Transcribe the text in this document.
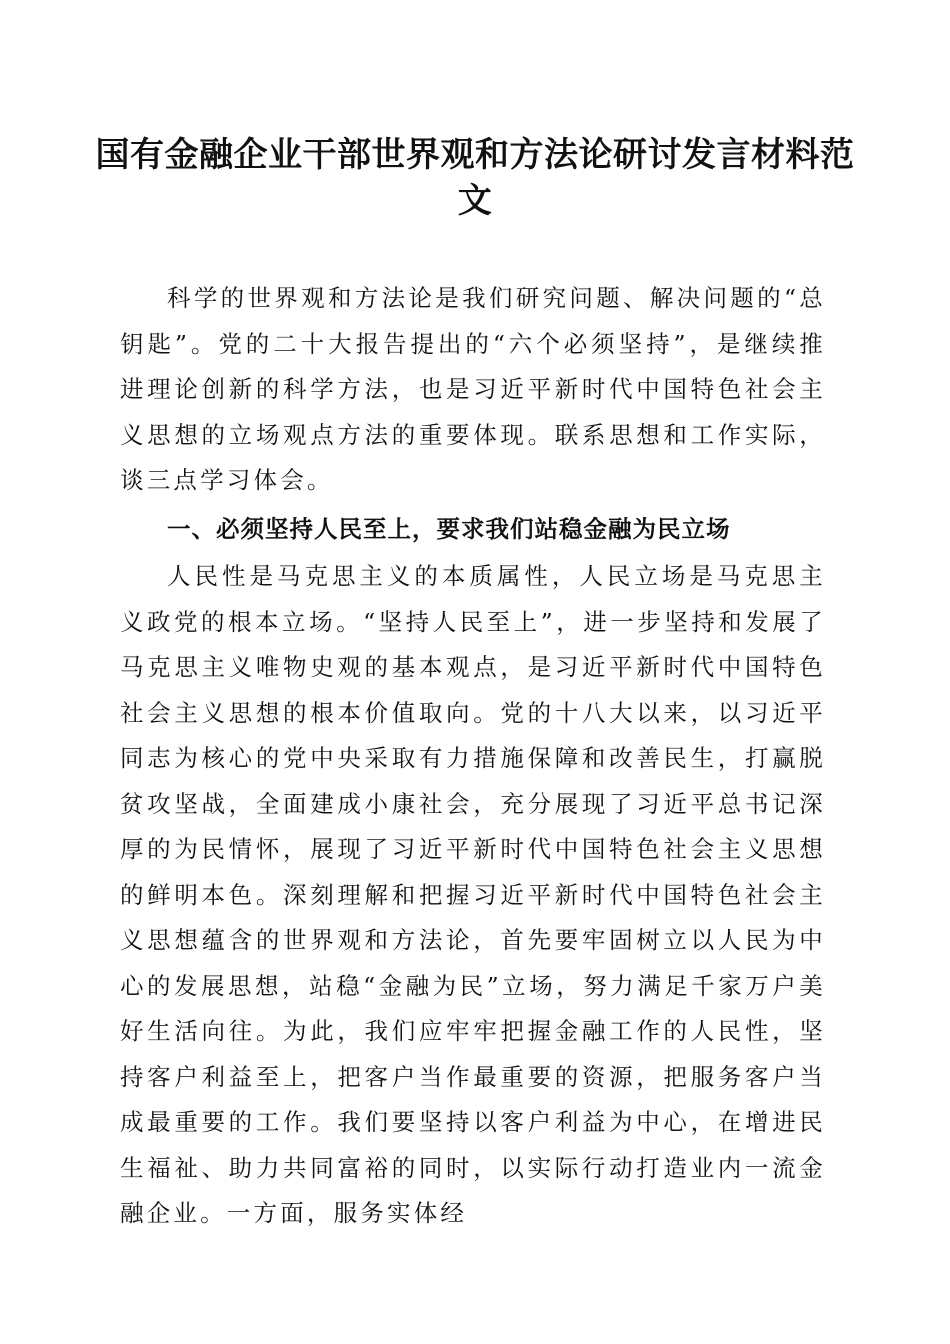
国有金融企业干部世界观和方法论研讨发言材料范文

科学的世界观和方法论是我们研究问题、解决问题的“总钥匙”。党的二十大报告提出的“六个必须坚持”，是继续推进理论创新的科学方法，也是习近平新时代中国特色社会主义思想的立场观点方法的重要体现。联系思想和工作实际，谈三点学习体会。

一、必须坚持人民至上，要求我们站稳金融为民立场

人民性是马克思主义的本质属性，人民立场是马克思主义政党的根本立场。“坚持人民至上”，进一步坚持和发展了马克思主义唯物史观的基本观点，是习近平新时代中国特色社会主义思想的根本价值取向。党的十八大以来，以习近平同志为核心的党中央采取有力措施保障和改善民生，打赢脱贫攻坚战，全面建成小康社会，充分展现了习近平总书记深厚的为民情怀，展现了习近平新时代中国特色社会主义思想的鲜明本色。深刻理解和把握习近平新时代中国特色社会主义思想蕴含的世界观和方法论，首先要牢固树立以人民为中心的发展思想，站稳“金融为民”立场，努力满足千家万户美好生活向往。为此，我们应牢牢把握金融工作的人民性，坚持客户利益至上，把客户当作最重要的资源，把服务客户当成最重要的工作。我们要坚持以客户利益为中心，在增进民生福祉、助力共同富裕的同时，以实际行动打造业内一流金融企业。一方面，服务实体经
